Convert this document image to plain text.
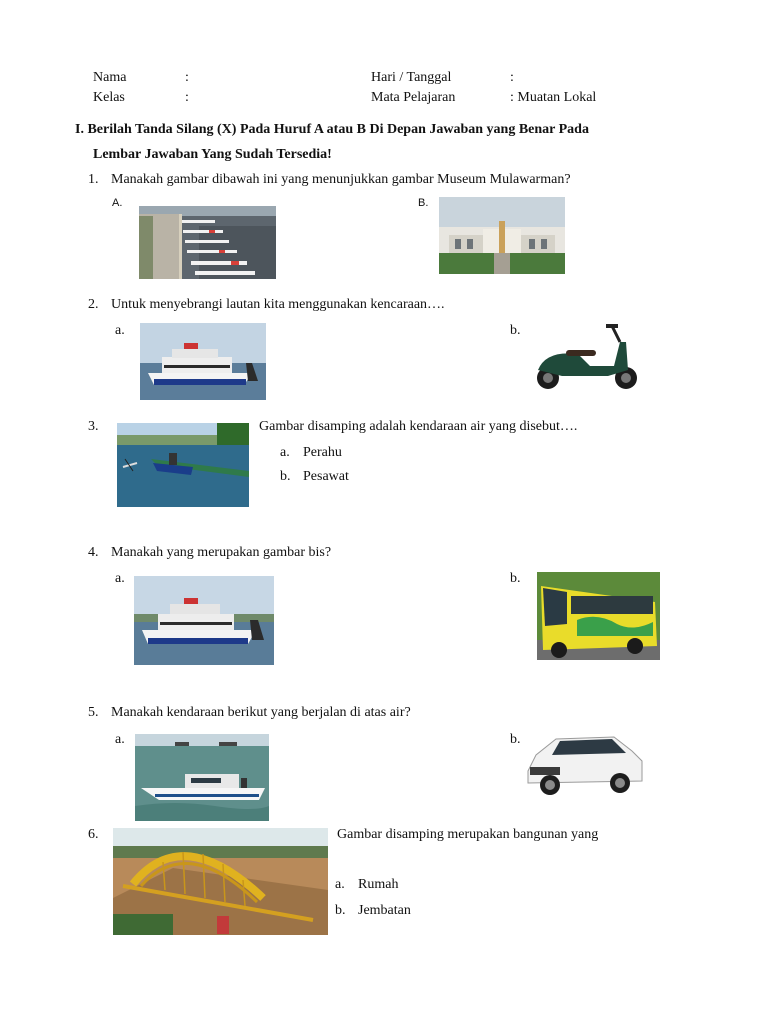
Nama	:	Hari / Tanggal	:
Kelas	:	Mata Pelajaran	: Muatan Lokal
I. Berilah Tanda Silang (X) Pada Huruf A atau B Di Depan Jawaban yang Benar Pada
Lembar Jawaban Yang Sudah Tersedia!
1. Manakah gambar dibawah ini yang menunjukkan gambar Museum Mulawarman?
A.	B.
2. Untuk menyebrangi lautan kita menggunakan kencaraan….
a.	b.
3.	Gambar disamping adalah kendaraan air yang disebut….
a. Perahu
b. Pesawat
4. Manakah yang merupakan gambar bis?
a.	b.
5. Manakah kendaraan berikut yang berjalan di atas air?
a.	b.
6.	Gambar disamping merupakan bangunan yang
a. Rumah
b. Jembatan
